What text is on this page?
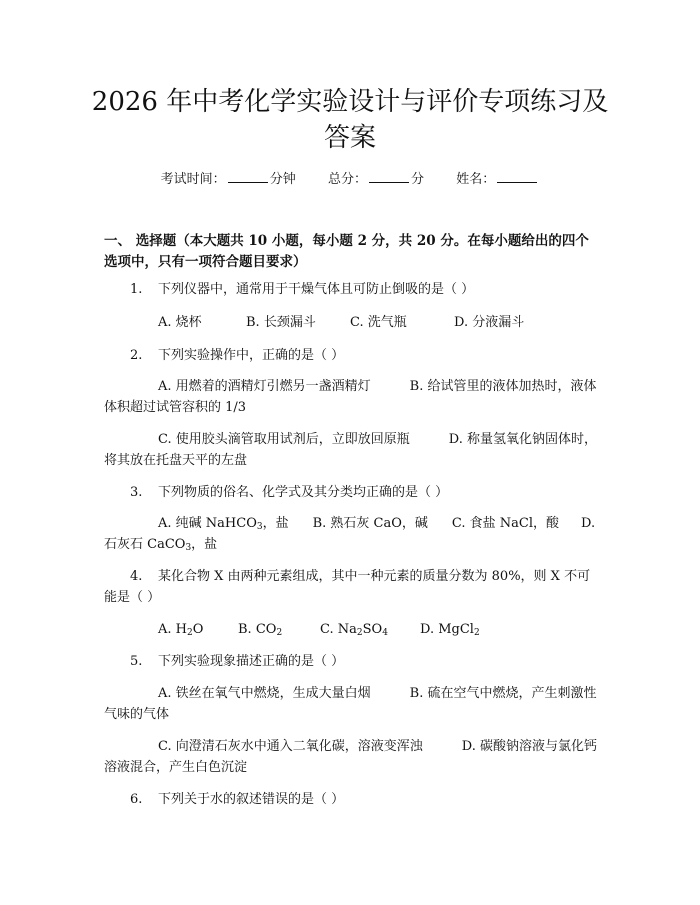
2026 年中考化学实验设计与评价专项练习及
答案
考试时间：	分钟 总分：	分 姓名：
一、 选择题（本大题共 10 小题，每小题 2 分，共 20 分。在每小题给出的四个选项中，只有一项符合题目要求）
1. 下列仪器中，通常用于干燥气体且可防止倒吸的是（ ）
A. 烧杯	B. 长颈漏斗	C. 洗气瓶	D. 分液漏斗
2. 下列实验操作中，正确的是（ ）
A. 用燃着的酒精灯引燃另一盏酒精灯　　　B. 给试管里的液体加热时，液体体积超过试管容积的 1/3
C. 使用胶头滴管取用试剂后，立即放回原瓶　　　D. 称量氢氧化钠固体时，将其放在托盘天平的左盘
3. 下列物质的俗名、化学式及其分类均正确的是（ ）
A. 纯碱 NaHCO$_3$，盐 B. 熟石灰 CaO，碱 C. 食盐 NaCl，酸 D. 石灰石 CaCO$_3$，盐
4. 某化合物 X 由两种元素组成，其中一种元素的质量分数为 80%，则 X 不可能是（ ）
A. $H_2O$	B. $CO_2$	C. $Na_2SO_4$ D. MgCl$_2$
5. 下列实验现象描述正确的是（ ）
A. 铁丝在氧气中燃烧，生成大量白烟　　　B. 硫在空气中燃烧，产生刺激性气味的气体
C. 向澄清石灰水中通入二氧化碳，溶液变浑浊　　　D. 碳酸钠溶液与氯化钙溶液混合，产生白色沉淀
6. 下列关于水的叙述错误的是（ ）
